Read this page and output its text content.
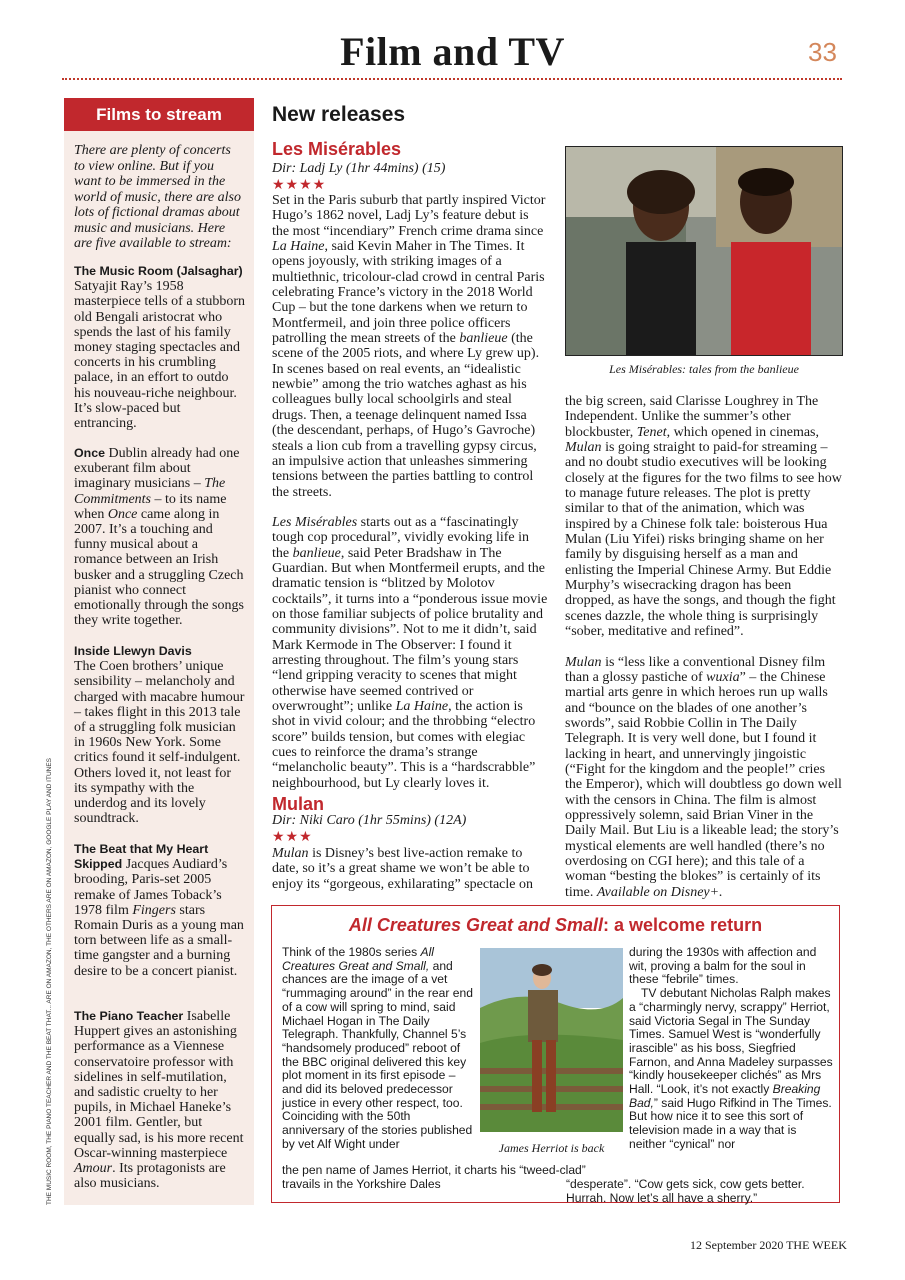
Film and TV	33
Films to stream
There are plenty of concerts to view online. But if you want to be immersed in the world of music, there are also lots of fictional dramas about music and musicians. Here are five available to stream:
The Music Room (Jalsaghar) Satyajit Ray’s 1958 masterpiece tells of a stubborn old Bengali aristocrat who spends the last of his family money staging spectacles and concerts in his crumbling palace, in an effort to outdo his nouveau-riche neighbour. It’s slow-paced but entrancing.
Once Dublin already had one exuberant film about imaginary musicians – The Commitments – to its name when Once came along in 2007. It’s a touching and funny musical about a romance between an Irish busker and a struggling Czech pianist who connect emotionally through the songs they write together.
Inside Llewyn Davis
The Coen brothers’ unique sensibility – melancholy and charged with macabre humour – takes flight in this 2013 tale of a struggling folk musician in 1960s New York. Some critics found it self-indulgent. Others loved it, not least for its sympathy with the underdog and its lovely soundtrack.
The Beat that My Heart Skipped Jacques Audiard’s brooding, Paris-set 2005 remake of James Toback’s 1978 film Fingers stars Romain Duris as a young man torn between life as a small-time gangster and a burning desire to be a concert pianist.
The Piano Teacher Isabelle Huppert gives an astonishing performance as a Viennese conservatoire professor with sidelines in self-mutilation, and sadistic cruelty to her pupils, in Michael Haneke’s 2001 film. Gentler, but equally sad, is his more recent Oscar-winning masterpiece Amour. Its protagonists are also musicians.
THE MUSIC ROOM, THE PIANO TEACHER AND THE BEAT THAT... ARE ON AMAZON, THE OTHERS ARE ON AMAZON, GOOGLE PLAY AND ITUNES
New releases
Les Misérables
Dir: Ladj Ly (1hr 44mins) (15)
★★★★

Set in the Paris suburb that partly inspired Victor Hugo’s 1862 novel, Ladj Ly’s feature debut is the most “incendiary” French crime drama since La Haine, said Kevin Maher in The Times. It opens joyously, with striking images of a multiethnic, tricolour-clad crowd in central Paris celebrating France’s victory in the 2018 World Cup – but the tone darkens when we return to Montfermeil, and join three police officers patrolling the mean streets of the banlieue (the scene of the 2005 riots, and where Ly grew up). In scenes based on real events, an “idealistic newbie” among the trio watches aghast as his colleagues bully local schoolgirls and steal drugs. Then, a teenage delinquent named Issa (the descendant, perhaps, of Hugo’s Gavroche) steals a lion cub from a travelling gypsy circus, an impulsive action that unleashes simmering tensions between the parties battling to control the streets.

Les Misérables starts out as a “fascinatingly tough cop procedural”, vividly evoking life in the banlieue, said Peter Bradshaw in The Guardian. But when Montfermeil erupts, and the dramatic tension is “blitzed by Molotov cocktails”, it turns into a “ponderous issue movie on those familiar subjects of police brutality and community divisions”. Not to me it didn’t, said Mark Kermode in The Observer: I found it arresting throughout. The film’s young stars “lend gripping veracity to scenes that might otherwise have seemed contrived or overwrought”; unlike La Haine, the action is shot in vivid colour; and the throbbing “electro score” builds tension, but comes with elegiac cues to reinforce the drama’s strange “melancholic beauty”. This is a “hardscrabble” neighbourhood, but Ly clearly loves it.

Mulan
Dir: Niki Caro (1hr 55mins) (12A)
★★★

Mulan is Disney’s best live-action remake to date, so it’s a great shame we won’t be able to enjoy its “gorgeous, exhilarating” spectacle on

Les Misérables: tales from the banlieue

the big screen, said Clarisse Loughrey in The Independent. Unlike the summer’s other blockbuster, Tenet, which opened in cinemas, Mulan is going straight to paid-for streaming – and no doubt studio executives will be looking closely at the figures for the two films to see how to manage future releases. The plot is pretty similar to that of the animation, which was inspired by a Chinese folk tale: boisterous Hua Mulan (Liu Yifei) risks bringing shame on her family by disguising herself as a man and enlisting the Imperial Chinese Army. But Eddie Murphy’s wisecracking dragon has been dropped, as have the songs, and though the fight scenes dazzle, the whole thing is surprisingly “sober, meditative and refined”.

Mulan is “less like a conventional Disney film than a glossy pastiche of wuxia” – the Chinese martial arts genre in which heroes run up walls and “bounce on the blades of one another’s swords”, said Robbie Collin in The Daily Telegraph. It is very well done, but I found it lacking in heart, and unnervingly jingoistic (“Fight for the kingdom and the people!” cries the Emperor), which will doubtless go down well with the censors in China. The film is almost oppressively solemn, said Brian Viner in the Daily Mail. But Liu is a likeable lead; the story’s mystical elements are well handled (there’s no overdosing on CGI here); and this tale of a woman “besting the blokes” is certainly of its time. Available on Disney+.

All Creatures Great and Small: a welcome return
Think of the 1980s series All Creatures Great and Small, and chances are the image of a vet “rummaging around” in the rear end of a cow will spring to mind, said Michael Hogan in The Daily Telegraph. Thankfully, Channel 5’s “handsomely produced” reboot of the BBC original delivered this key plot moment in its first episode – and did its beloved predecessor justice in every other respect, too. Coinciding with the 50th anniversary of the stories published by vet Alf Wight under	James Herriot is back
the pen name of James Herriot, it charts his “tweed-clad” travails in the Yorkshire Dales
during the 1930s with affection and wit, proving a balm for the soul in these “febrile” times.
TV debutant Nicholas Ralph makes a “charmingly nervy, scrappy” Herriot, said Victoria Segal in The Sunday Times. Samuel West is “wonderfully irascible” as his boss, Siegfried Farnon, and Anna Madeley surpasses “kindly housekeeper clichés” as Mrs Hall. “Look, it’s not exactly Breaking Bad,” said Hugo Rifkind in The Times. But how nice it to see this sort of television made in a way that is neither “cynical” nor
“desperate”. “Cow gets sick, cow gets better. Hurrah. Now let’s all have a sherry.”
12 September 2020 THE WEEK
